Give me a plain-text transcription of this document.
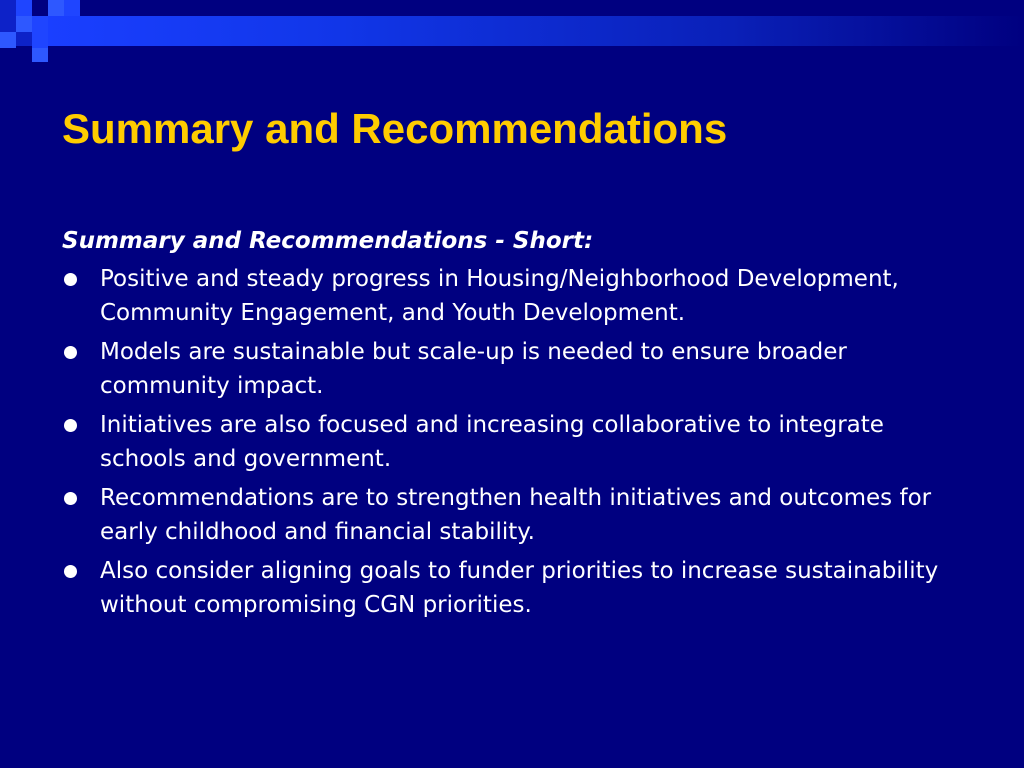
Summary and Recommendations

Summary and Recommendations - Short:

Positive and steady progress in Housing/Neighborhood Development, Community Engagement, and Youth Development.
Models are sustainable but scale-up is needed to ensure broader community impact.
Initiatives are also focused and increasing collaborative to integrate schools and government.
Recommendations are to strengthen health initiatives and outcomes for early childhood and financial stability.
Also consider aligning goals to funder priorities to increase sustainability without compromising CGN priorities.
